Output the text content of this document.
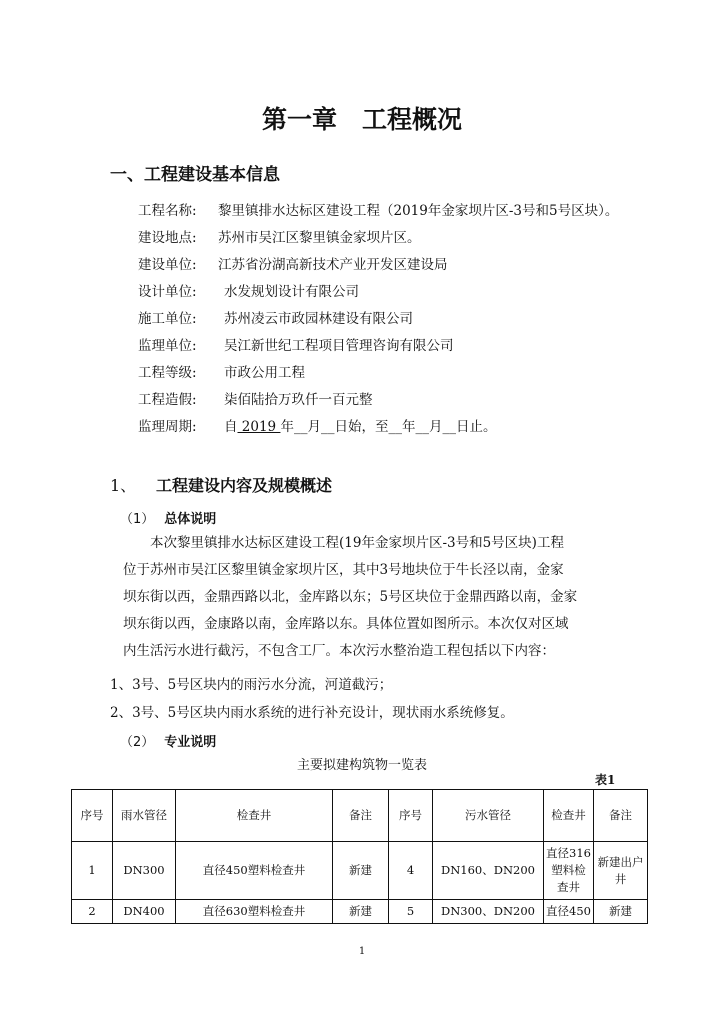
第一章　工程概况
一、工程建设基本信息
工程名称: 黎里镇排水达标区建设工程（2019年金家坝片区-3号和5号区块）。
建设地点: 苏州市吴江区黎里镇金家坝片区。
建设单位: 江苏省汾湖高新技术产业开发区建设局
设计单位: 水发规划设计有限公司
施工单位: 苏州凌云市政园林建设有限公司
监理单位: 吴江新世纪工程项目管理咨询有限公司
工程等级: 市政公用工程
工程造假: 柒佰陆拾万玖仟一百元整
监理周期: 自 2019 年__月__日始，至__年__月__日止。
1、 工程建设内容及规模概述
（1） 总体说明
本次黎里镇排水达标区建设工程(19年金家坝片区-3号和5号区块)工程
位于苏州市吴江区黎里镇金家坝片区，其中3号地块位于牛长泾以南，金家
坝东街以西，金鼎西路以北，金库路以东；5号区块位于金鼎西路以南，金家
坝东街以西，金康路以南，金库路以东。具体位置如图所示。本次仅对区域
内生活污水进行截污，不包含工厂。本次污水整治造工程包括以下内容：
1、3号、5号区块内的雨污水分流，河道截污；
2、3号、5号区块内雨水系统的进行补充设计，现状雨水系统修复。
（2） 专业说明
主要拟建构筑物一览表
表1
序号	雨水管径	检查井	备注	序号	污水管径	检查井	备注
1	DN300	直径450塑料检查井	新建	4	DN160、DN200	直径316塑料检查井	新建出户井
2	DN400	直径630塑料检查井	新建	5	DN300、DN200	直径450	新建
1
